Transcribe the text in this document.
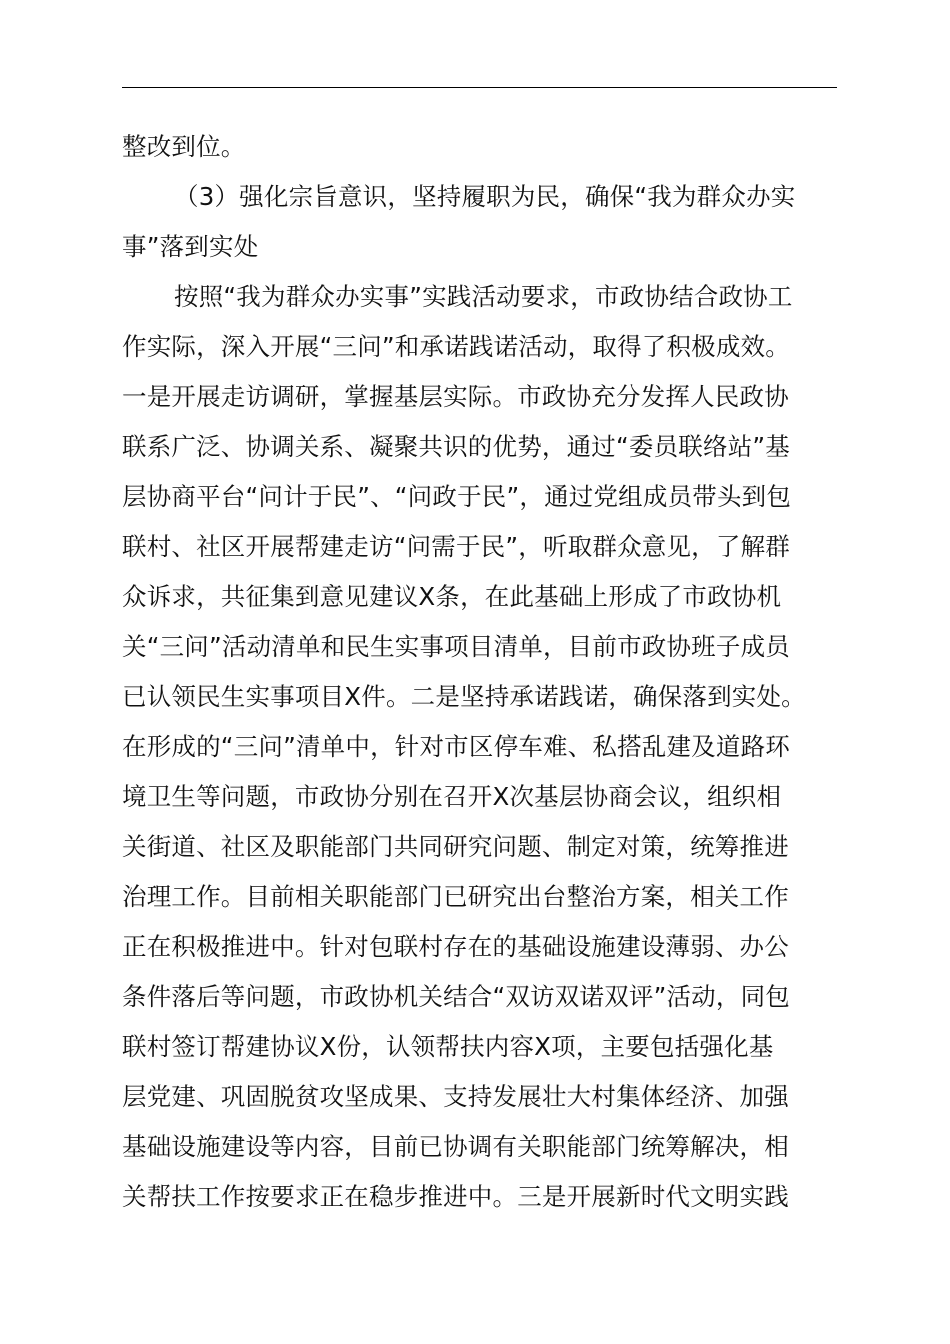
整改到位。
（3）强化宗旨意识，坚持履职为民，确保“我为群众办实
事”落到实处
按照“我为群众办实事”实践活动要求，市政协结合政协工
作实际，深入开展“三问”和承诺践诺活动，取得了积极成效。
一是开展走访调研，掌握基层实际。市政协充分发挥人民政协
联系广泛、协调关系、凝聚共识的优势，通过“委员联络站”基
层协商平台“问计于民”、“问政于民”，通过党组成员带头到包
联村、社区开展帮建走访“问需于民”，听取群众意见，了解群
众诉求，共征集到意见建议X条，在此基础上形成了市政协机
关“三问”活动清单和民生实事项目清单，目前市政协班子成员
已认领民生实事项目X件。二是坚持承诺践诺，确保落到实处。
在形成的“三问”清单中，针对市区停车难、私搭乱建及道路环
境卫生等问题，市政协分别在召开X次基层协商会议，组织相
关街道、社区及职能部门共同研究问题、制定对策，统筹推进
治理工作。目前相关职能部门已研究出台整治方案，相关工作
正在积极推进中。针对包联村存在的基础设施建设薄弱、办公
条件落后等问题，市政协机关结合“双访双诺双评”活动，同包
联村签订帮建协议X份，认领帮扶内容X项，主要包括强化基
层党建、巩固脱贫攻坚成果、支持发展壮大村集体经济、加强
基础设施建设等内容，目前已协调有关职能部门统筹解决，相
关帮扶工作按要求正在稳步推进中。三是开展新时代文明实践
